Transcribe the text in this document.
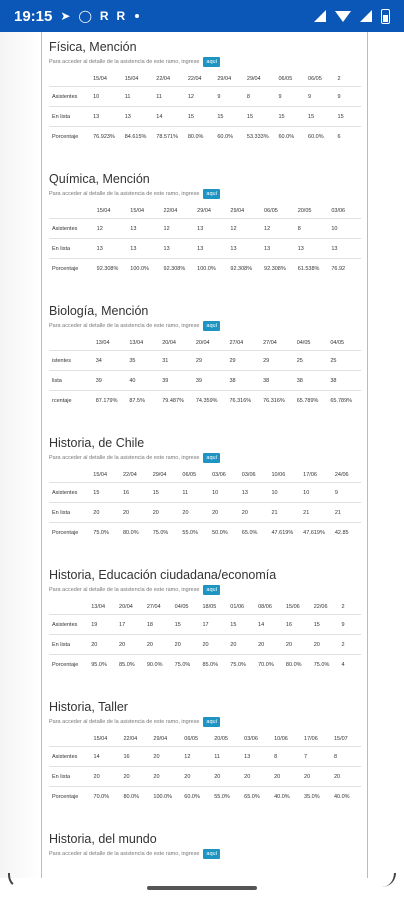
19:15 ➤ ◯ R R
Física, Mención
Para acceder al detalle de la asistencia de este ramo, ingrese	aquí
	15/04	15/04	22/04	22/04	29/04	29/04	06/05	06/05	2
Asistentes	10	11	11	12	9	8	9	9	9
En lista	13	13	14	15	15	15	15	15	15
Porcentaje	76.923%	84.615%	78.571%	80.0%	60.0%	53.333%	60.0%	60.0%	6
Química, Mención
Para acceder al detalle de la asistencia de este ramo, ingrese	aquí
	15/04	15/04	22/04	29/04	29/04	06/05	20/05	03/06
Asistentes	12	13	12	13	12	12	8	10
En lista	13	13	13	13	13	13	13	13
Porcentaje	92.308%	100.0%	92.308%	100.0%	92.308%	92.308%	61.538%	76.92
Biología, Mención
Para acceder al detalle de la asistencia de este ramo, ingrese	aquí
	13/04	13/04	20/04	20/04	27/04	27/04	04/05	04/05
istentes	34	35	31	29	29	29	25	25
lista	39	40	39	39	38	38	38	38
rcentaje	87.179%	87.5%	79.487%	74.359%	76.316%	76.316%	65.789%	65.789%
Historia, de Chile
Para acceder al detalle de la asistencia de este ramo, ingrese	aquí
	15/04	22/04	29/04	06/05	03/06	03/06	10/06	17/06	24/06
Asistentes	15	16	15	11	10	13	10	10	9
En lista	20	20	20	20	20	20	21	21	21
Porcentaje	75.0%	80.0%	75.0%	55.0%	50.0%	65.0%	47.619%	47.619%	42.85
Historia, Educación ciudadana/economía
Para acceder al detalle de la asistencia de este ramo, ingrese	aquí
	13/04	20/04	27/04	04/05	18/05	01/06	08/06	15/06	22/06	2
Asistentes	19	17	18	15	17	15	14	16	15	9
En lista	20	20	20	20	20	20	20	20	20	2
Porcentaje	95.0%	85.0%	90.0%	75.0%	85.0%	75.0%	70.0%	80.0%	75.0%	4
Historia, Taller
Para acceder al detalle de la asistencia de este ramo, ingrese	aquí
	15/04	22/04	29/04	06/05	20/05	03/06	10/06	17/06	15/07
Asistentes	14	16	20	12	11	13	8	7	8
En lista	20	20	20	20	20	20	20	20	20
Porcentaje	70.0%	80.0%	100.0%	60.0%	55.0%	65.0%	40.0%	35.0%	40.0%
Historia, del mundo
Para acceder al detalle de la asistencia de este ramo, ingrese	aquí
